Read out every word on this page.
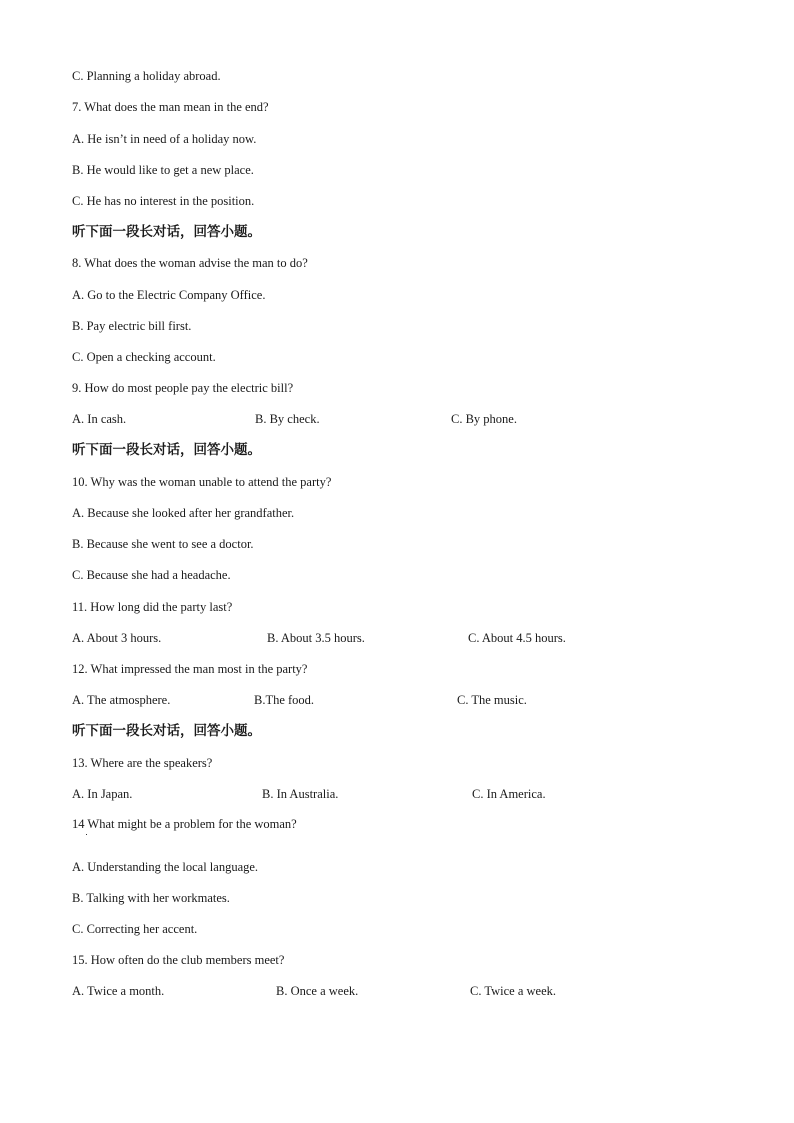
C. Planning a holiday abroad.
7. What does the man mean in the end?
A. He isn’t in need of a holiday now.
B. He would like to get a new place.
C. He has no interest in the position.
听下面一段长对话，回答小题。
8. What does the woman advise the man to do?
A. Go to the Electric Company Office.
B. Pay electric bill first.
C. Open a checking account.
9. How do most people pay the electric bill?
A. In cash.	B. By check.	C. By phone.
听下面一段长对话，回答小题。
10. Why was the woman unable to attend the party?
A. Because she looked after her grandfather.
B. Because she went to see a doctor.
C. Because she had a headache.
11. How long did the party last?
A. About 3 hours.	B. About 3.5 hours.	C. About 4.5 hours.
12. What impressed the man most in the party?
A. The atmosphere.	B.The food.	C. The music.
听下面一段长对话，回答小题。
13. Where are the speakers?
A. In Japan.	B. In Australia.	C. In America.
14 What might be a problem for the woman?
A. Understanding the local language.
B. Talking with her workmates.
C. Correcting her accent.
15. How often do the club members meet?
A. Twice a month.	B. Once a week.	C. Twice a week.
